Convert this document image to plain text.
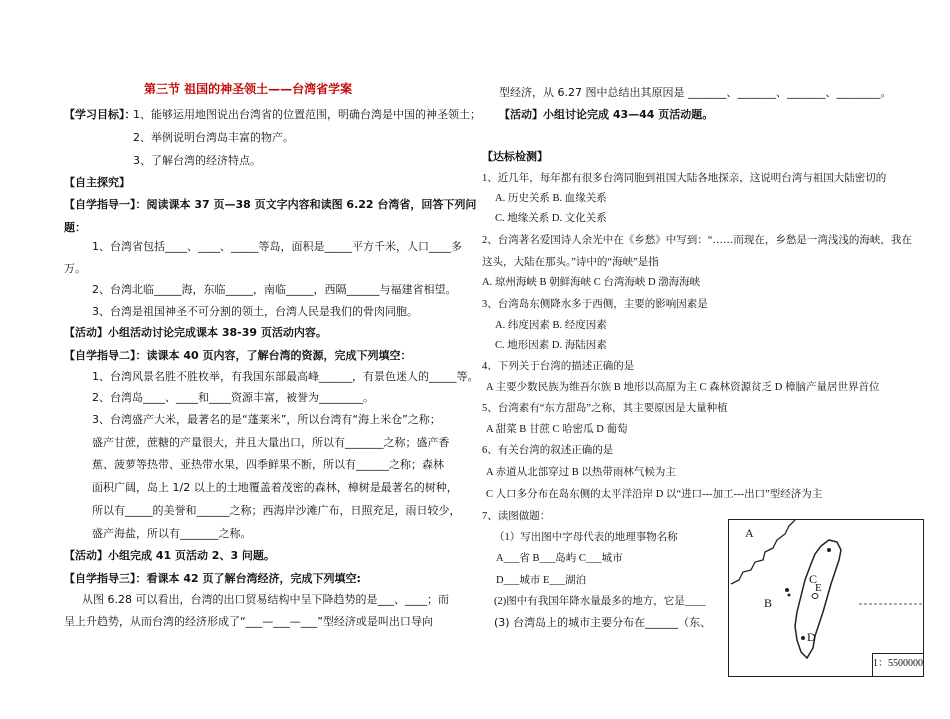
第三节 祖国的神圣领土——台湾省学案
【学习目标】：
1、能够运用地图说出台湾省的位置范围，明确台湾是中国的神圣领土；
2、举例说明台湾岛丰富的物产。
3、了解台湾的经济特点。
【自主探究】
【自学指导一】：阅读课本 37 页—38 页文字内容和读图 6.22 台湾省，回答下列问
题：
1、台湾省包括____、____、_____等岛，面积是_____平方千米，人口____多
万。
2、台湾北临_____海，东临_____，南临_____，西隔______与福建省相望。
3、台湾是祖国神圣不可分割的领土，台湾人民是我们的骨肉同胞。
【活动】小组活动讨论完成课本 38-39 页活动内容。
【自学指导二】：读课本 40 页内容，了解台湾的资源，完成下列填空：
1、台湾风景名胜不胜枚举，有我国东部最高峰______，有景色迷人的_____等。
2、台湾岛____、____和____资源丰富，被誉为________。
3、台湾盛产大米，最著名的是“蓬莱米”，所以台湾有“海上米仓”之称；
盛产甘蔗，蔗糖的产量很大，并且大量出口，所以有_______之称；盛产香
蕉、菠萝等热带、亚热带水果，四季鲜果不断，所以有______之称；森林
面积广阔，岛上 1/2 以上的土地覆盖着茂密的森林，樟树是最著名的树种，
所以有_____的美誉和______之称；西海岸沙滩广布，日照充足，雨日较少，
盛产海盐，所以有_______之称。
【活动】小组完成 41 页活动 2、3 问题。
【自学指导三】：看课本 42 页了解台湾经济，完成下列填空:
从图 6.28 可以看出，台湾的出口贸易结构中呈下降趋势的是___、____；而
呈上升趋势，从而台湾的经济形成了“___—___—___”型经济或是叫出口导向
型经济，从 6.27 图中总结出其原因是 _______、_______、_______、________。
【活动】小组讨论完成 43—44 页活动题。
【达标检测】
1、近几年，每年都有很多台湾同胞到祖国大陆各地探亲，这说明台湾与祖国大陆密切的
A. 历史关系 B. 血缘关系
C. 地缘关系 D. 文化关系
2、台湾著名爱国诗人余光中在《乡愁》中写到：“……而现在，乡愁是一湾浅浅的海峡，我在
这头，大陆在那头。”诗中的“海峡”是指
A. 琼州海峡 B 朝鲜海峡 C 台湾海峡 D 渤海海峡
3、台湾岛东侧降水多于西侧，主要的影响因素是
A. 纬度因素 B. 经度因素
C. 地形因素 D. 海陆因素
4、下列关于台湾的描述正确的是
A 主要少数民族为维吾尔族 B 地形以高原为主 C 森林资源贫乏 D 樟脑产量居世界首位
5、台湾素有“东方甜岛”之称，其主要原因是大量种植
A 甜菜 B 甘蔗 C 哈密瓜 D 葡萄
6、有关台湾的叙述正确的是
A 赤道从北部穿过 B 以热带雨林气候为主
C 人口多分布在岛东侧的太平洋沿岸 D 以“进口---加工---出口”型经济为主
7、读图做题：
（1）写出图中字母代表的地理事物名称
A___省 B___岛屿 C___城市
D___城市 E___湖泊
(2)图中有我国年降水量最多的地方，它是____
(3) 台湾岛上的城市主要分布在______（东、
A
B
C
D
E
1：5500000
